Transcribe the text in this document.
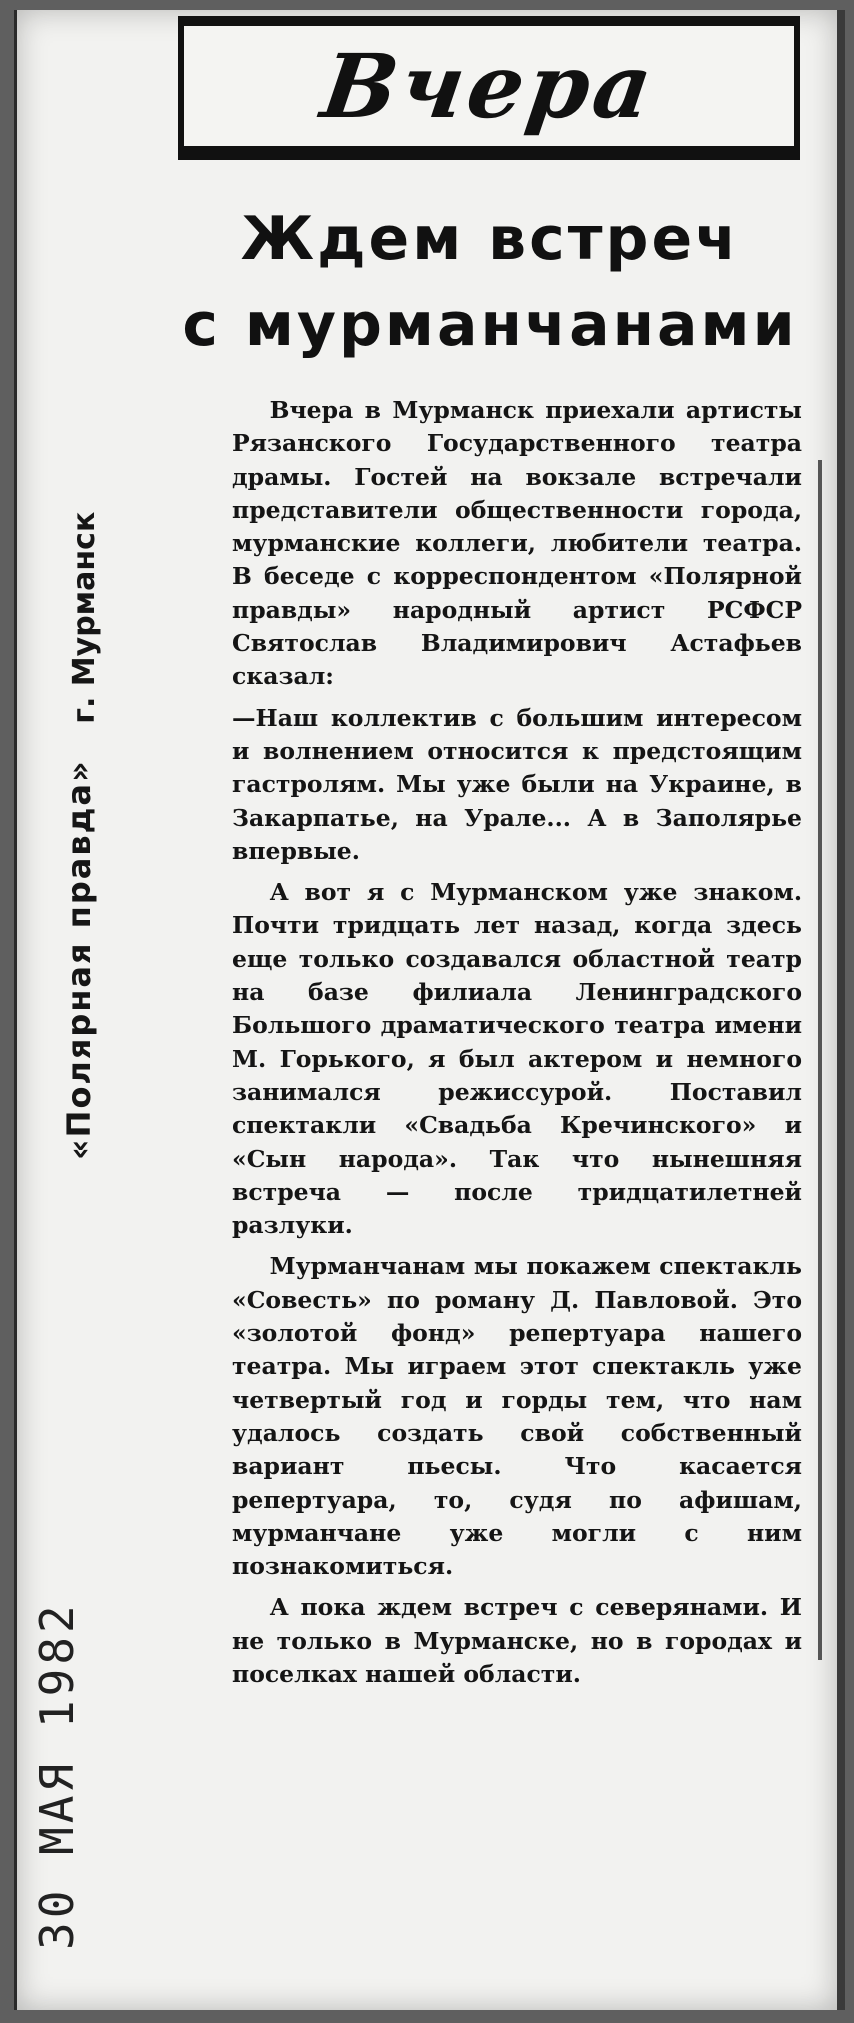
Вчера
Ждем встреч
с мурманчанами

Вчера в Мурманск приехали артисты Рязанского Государственного театра драмы. Гостей на вокзале встречали представители общественности города, мурманские коллеги, любители театра. В беседе с корреспондентом «Полярной правды» народный артист РСФСР Святослав Владимирович Астафьев сказал:

—Наш коллектив с большим интересом и волнением относится к предстоящим гастролям. Мы уже были на Украине, в Закарпатье, на Урале... А в Заполярье впервые.

А вот я с Мурманском уже знаком. Почти тридцать лет назад, когда здесь еще только создавался областной театр на базе филиала Ленинградского Большого драматического театра имени М. Горького, я был актером и немного занимался режиссурой. Поставил спектакли «Свадьба Кречинского» и «Сын народа». Так что нынешняя встреча — после тридцатилетней разлуки.

Мурманчанам мы покажем спектакль «Совесть» по роману Д. Павловой. Это «золотой фонд» репертуара нашего театра. Мы играем этот спектакль уже четвертый год и горды тем, что нам удалось создать свой собственный вариант пьесы. Что касается репертуара, то, судя по афишам, мурманчане уже могли с ним познакомиться.

А пока ждем встреч с северянами. И не только в Мурманске, но в городах и поселках нашей области.

«Полярная правда» г. Мурманск
30 МАЯ 1982
